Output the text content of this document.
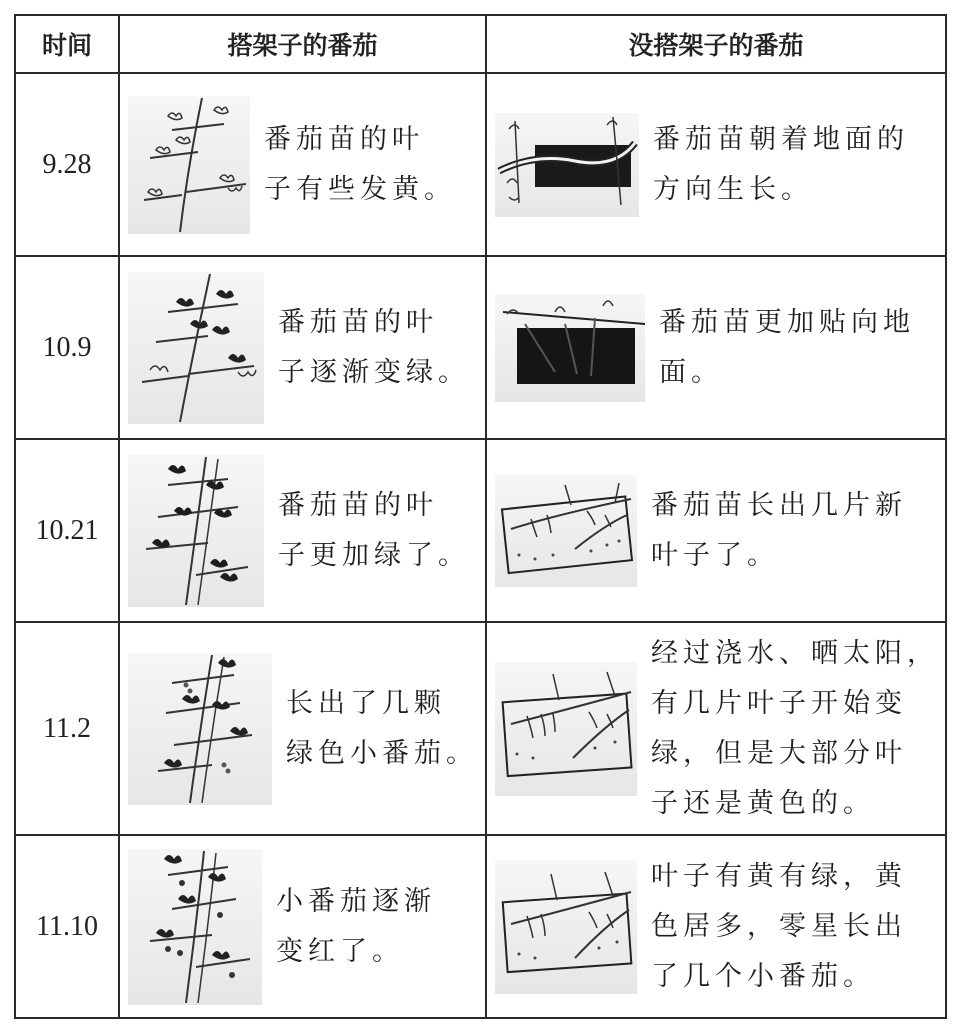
时间	搭架子的番茄	没搭架子的番茄
9.28	番茄苗的叶
子有些发黄。	番茄苗朝着地面的
方向生长。

10.9	番茄苗的叶
子逐渐变绿。	番茄苗更加贴向地
面。

10.21	番茄苗的叶
子更加绿了。	番茄苗长出几片新
叶子了。

11.2	长出了几颗
绿色小番茄。	经过浇水、晒太阳，
有几片叶子开始变
绿，但是大部分叶
子还是黄色的。

11.10	小番茄逐渐
变红了。	叶子有黄有绿，黄
色居多，零星长出
了几个小番茄。
